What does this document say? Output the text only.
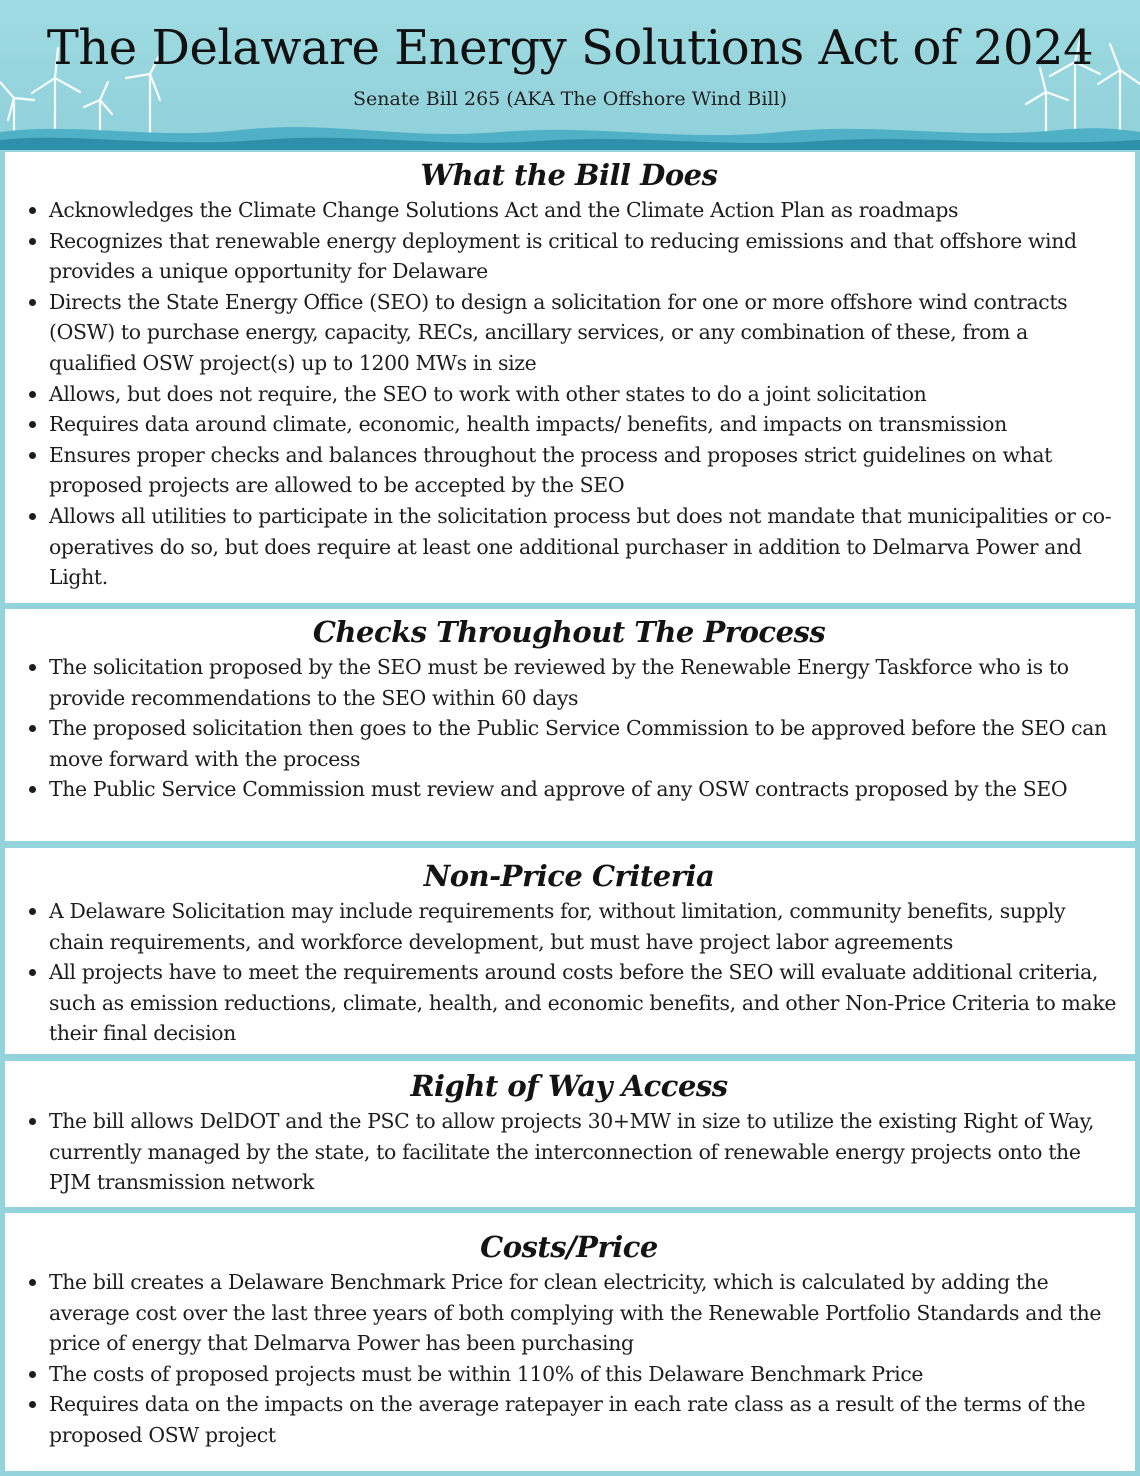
The Delaware Energy Solutions Act of 2024
Senate Bill 265 (AKA The Offshore Wind Bill)
What the Bill Does
Acknowledges the Climate Change Solutions Act and the Climate Action Plan as roadmaps
Recognizes that renewable energy deployment is critical to reducing emissions and that offshore wind provides a unique opportunity for Delaware
Directs the State Energy Office (SEO) to design a solicitation for one or more offshore wind contracts (OSW) to purchase energy, capacity, RECs, ancillary services, or any combination of these, from a qualified OSW project(s) up to 1200 MWs in size
Allows, but does not require, the SEO to work with other states to do a joint solicitation
Requires data around climate, economic, health impacts/ benefits, and impacts on transmission
Ensures proper checks and balances throughout the process and proposes strict guidelines on what proposed projects are allowed to be accepted by the SEO
Allows all utilities to participate in the solicitation process but does not mandate that municipalities or co-operatives do so, but does require at least one additional purchaser in addition to Delmarva Power and Light.
Checks Throughout The Process
The solicitation proposed by the SEO must be reviewed by the Renewable Energy Taskforce who is to provide recommendations to the SEO within 60 days
The proposed solicitation then goes to the Public Service Commission to be approved before the SEO can move forward with the process
The Public Service Commission must review and approve of any OSW contracts proposed by the SEO
Non-Price Criteria
A Delaware Solicitation may include requirements for, without limitation, community benefits, supply chain requirements, and workforce development, but must have project labor agreements
All projects have to meet the requirements around costs before the SEO will evaluate additional criteria, such as emission reductions, climate, health, and economic benefits, and other Non-Price Criteria to make their final decision
Right of Way Access
The bill allows DelDOT and the PSC to allow projects 30+MW in size to utilize the existing Right of Way, currently managed by the state, to facilitate the interconnection of renewable energy projects onto the PJM transmission network
Costs/Price
The bill creates a Delaware Benchmark Price for clean electricity, which is calculated by adding the average cost over the last three years of both complying with the Renewable Portfolio Standards and the price of energy that Delmarva Power has been purchasing
The costs of proposed projects must be within 110% of this Delaware Benchmark Price
Requires data on the impacts on the average ratepayer in each rate class as a result of the terms of the proposed OSW project
